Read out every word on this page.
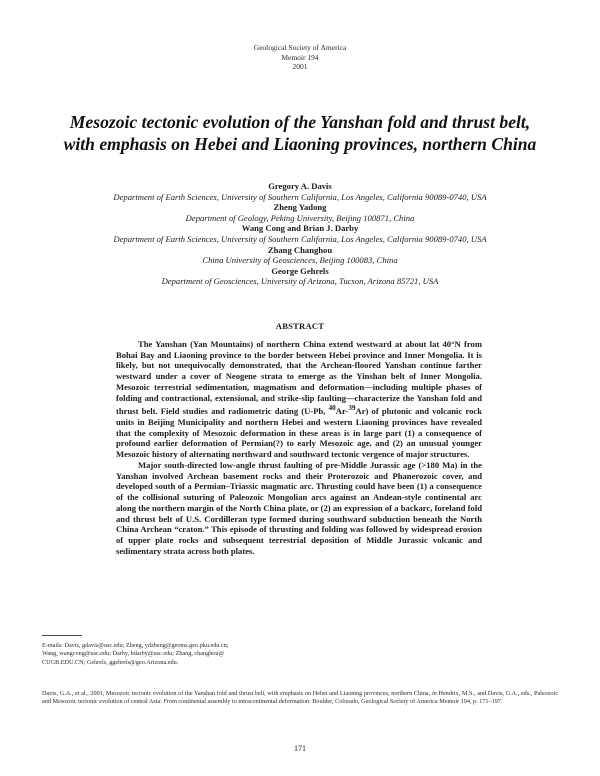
Geological Society of America
Memoir 194
2001
Mesozoic tectonic evolution of the Yanshan fold and thrust belt,
with emphasis on Hebei and Liaoning provinces, northern China
Gregory A. Davis
Department of Earth Sciences, University of Southern California, Los Angeles, California 90089-0740, USA
Zheng Yadong
Department of Geology, Peking University, Beijing 100871, China
Wang Cong and Brian J. Darby
Department of Earth Sciences, University of Southern California, Los Angeles, California 90089-0740, USA
Zhang Changhou
China University of Geosciences, Beijing 100083, China
George Gehrels
Department of Geosciences, University of Arizona, Tucson, Arizona 85721, USA
ABSTRACT

The Yanshan (Yan Mountains) of northern China extend westward at about lat 40°N from Bohai Bay and Liaoning province to the border between Hebei province and Inner Mongolia. It is likely, but not unequivocally demonstrated, that the Archean-floored Yanshan continue farther westward under a cover of Neogene strata to emerge as the Yinshan belt of Inner Mongolia. Mesozoic terrestrial sedimentation, magmatism and deformation—including multiple phases of folding and contractional, extensional, and strike-slip faulting—characterize the Yanshan fold and thrust belt. Field studies and radiometric dating (U-Pb, $^{40}$Ar-$^{39}$Ar) of plutonic and volcanic rock units in Beijing Municipality and northern Hebei and western Liaoning provinces have revealed that the complexity of Mesozoic deformation in these areas is in large part (1) a consequence of profound earlier deformation of Permian(?) to early Mesozoic age, and (2) an unusual younger Mesozoic history of alternating northward and southward tectonic vergence of major structures.

Major south-directed low-angle thrust faulting of pre-Middle Jurassic age (>180 Ma) in the Yanshan involved Archean basement rocks and their Proterozoic and Phanerozoic cover, and developed south of a Permian–Triassic magmatic arc. Thrusting could have been (1) a consequence of the collisional suturing of Paleozoic Mongolian arcs against an Andean-style continental arc along the northern margin of the North China plate, or (2) an expression of a backarc, foreland fold and thrust belt of U.S. Cordilleran type formed during southward subduction beneath the North China Archean “craton.” This episode of thrusting and folding was followed by widespread erosion of upper plate rocks and subsequent terrestrial deposition of Middle Jurassic volcanic and sedimentary strata across both plates.

E-mails: Davis, gdavis@usc.edu; Zheng, ydzheng@geoms.geo.pku.edu.cn;
Wang, wangcong@usc.edu; Darby, bdarby@usc.edu; Zhang, changhou@
CUGB.EDU.CN; Gehrels, ggehrels@geo.Arizona.edu.
Davis, G.A., et al., 2001, Mesozoic tectonic evolution of the Yanshan fold and thrust belt, with emphasis on Hebei and Liaoning provinces, northern China, in Hendrix, M.S., and Davis, G.A., eds., Paleozoic and Mesozoic tectonic evolution of central Asia: From continental assembly to intracontinental deformation: Boulder, Colorado, Geological Society of America Memoir 194, p. 171–197.
171
